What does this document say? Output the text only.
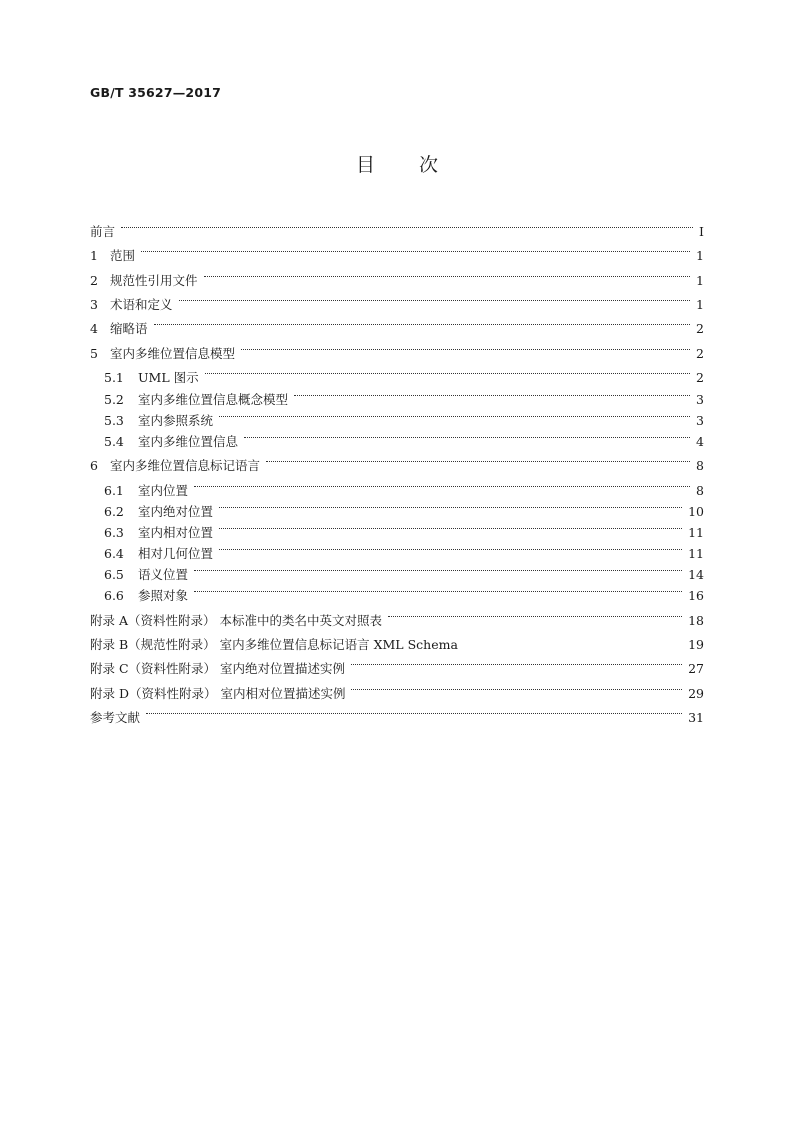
GB/T 35627—2017
目 次
前言	I
1 范围	1
2 规范性引用文件	1
3 术语和定义	1
4 缩略语	2
5 室内多维位置信息模型	2
5.1	UML 图示	2
5.2	室内多维位置信息概念模型	3
5.3	室内参照系统	3
5.4	室内多维位置信息	4
6 室内多维位置信息标记语言	8
6.1	室内位置	8
6.2	室内绝对位置	10
6.3	室内相对位置	11
6.4	相对几何位置	11
6.5	语义位置	14
6.6	参照对象	16
附录 A（资料性附录） 本标准中的类名中英文对照表	18
附录 B（规范性附录） 室内多维位置信息标记语言 XML Schema	19
附录 C（资料性附录） 室内绝对位置描述实例	27
附录 D（资料性附录） 室内相对位置描述实例	29
参考文献	31
